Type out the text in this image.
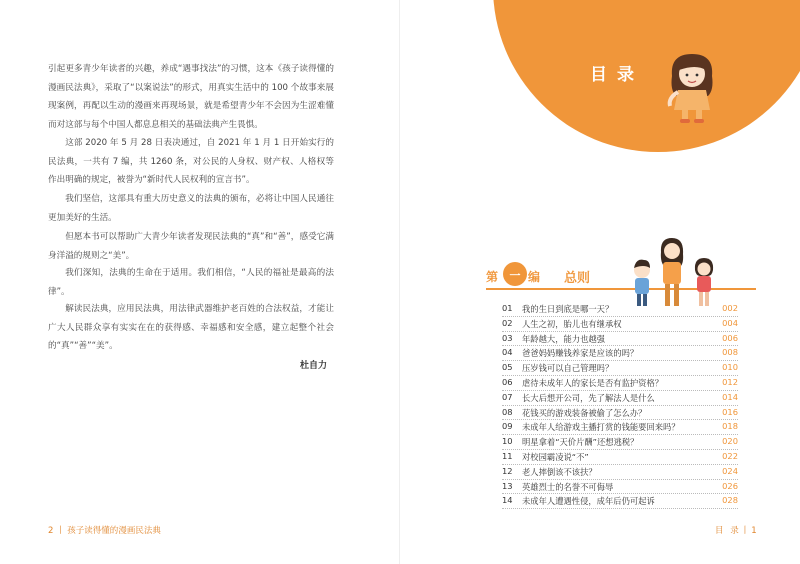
引起更多青少年读者的兴趣，养成“遇事找法”的习惯，这本《孩子读得懂的漫画民法典》，采取了“以案说法”的形式，用真实生活中的 100 个故事来展现案例，再配以生动的漫画来再现场景，就是希望青少年不会因为生涩难懂而对这部与每个中国人都息息相关的基础法典产生畏惧。

这部 2020 年 5 月 28 日表决通过，自 2021 年 1 月 1 日开始实行的民法典，一共有 7 编，共 1260 条，对公民的人身权、财产权、人格权等作出明确的规定，被誉为“新时代人民权利的宣言书”。

我们坚信，这部具有重大历史意义的法典的颁布，必将让中国人民通往更加美好的生活。

但愿本书可以帮助广大青少年读者发现民法典的“真”和“善”，感受它满身洋溢的规则之“美”。

我们深知，法典的生命在于适用。我们相信，“人民的福祉是最高的法律”。

解读民法典，应用民法典，用法律武器维护老百姓的合法权益，才能让广大人民群众享有实实在在的获得感、幸福感和安全感，建立起整个社会的“真”“善”“美”。

杜自力
2 丨 孩子读得懂的漫画民法典
目录
第	一 编 总则
01	我的生日到底是哪一天？	002
02	人生之初，胎儿也有继承权	004
03	年龄越大，能力也越强	006
04	爸爸妈妈赚钱养家是应该的吗？	008
05	压岁钱可以自己管理吗？	010
06	虐待未成年人的家长是否有监护资格？	012
07	长大后想开公司，先了解法人是什么	014
08	花钱买的游戏装备被偷了怎么办？	016
09	未成年人给游戏主播打赏的钱能要回来吗？	018
10	明星拿着“天价片酬”还想逃税？	020
11	对校园霸凌说“不”	022
12	老人摔倒该不该扶？	024
13	英雄烈士的名誉不可侮辱	026
14	未成年人遭遇性侵，成年后仍可起诉	028
目 录丨1
